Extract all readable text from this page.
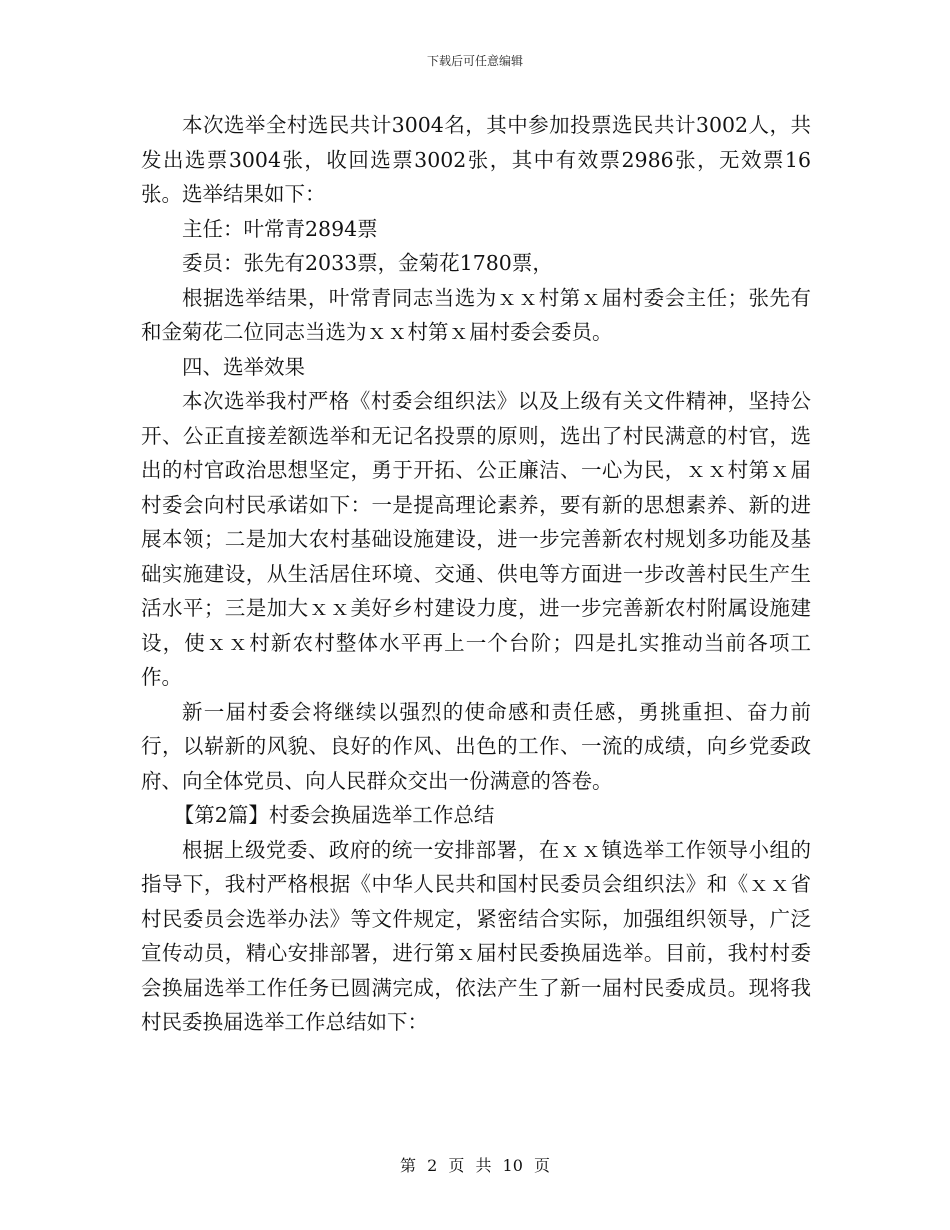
下载后可任意编辑

本次选举全村选民共计3004名，其中参加投票选民共计3002人，共发出选票3004张，收回选票3002张，其中有效票2986张，无效票16张。选举结果如下：

主任：叶常青2894票

委员：张先有2033票，金菊花1780票，

根据选举结果，叶常青同志当选为ｘｘ村第ｘ届村委会主任；张先有和金菊花二位同志当选为ｘｘ村第ｘ届村委会委员。

四、选举效果

本次选举我村严格《村委会组织法》以及上级有关文件精神，坚持公开、公正直接差额选举和无记名投票的原则，选出了村民满意的村官，选出的村官政治思想坚定，勇于开拓、公正廉洁、一心为民，ｘｘ村第ｘ届村委会向村民承诺如下：一是提高理论素养，要有新的思想素养、新的进展本领；二是加大农村基础设施建设，进一步完善新农村规划多功能及基础实施建设，从生活居住环境、交通、供电等方面进一步改善村民生产生活水平；三是加大ｘｘ美好乡村建设力度，进一步完善新农村附属设施建设，使ｘｘ村新农村整体水平再上一个台阶；四是扎实推动当前各项工作。

新一届村委会将继续以强烈的使命感和责任感，勇挑重担、奋力前行，以崭新的风貌、良好的作风、出色的工作、一流的成绩，向乡党委政府、向全体党员、向人民群众交出一份满意的答卷。

【第2篇】村委会换届选举工作总结

根据上级党委、政府的统一安排部署，在ｘｘ镇选举工作领导小组的指导下，我村严格根据《中华人民共和国村民委员会组织法》和《ｘｘ省村民委员会选举办法》等文件规定，紧密结合实际，加强组织领导，广泛宣传动员，精心安排部署，进行第ｘ届村民委换届选举。目前，我村村委会换届选举工作任务已圆满完成，依法产生了新一届村民委成员。现将我村民委换届选举工作总结如下：

第 2 页 共 10 页
